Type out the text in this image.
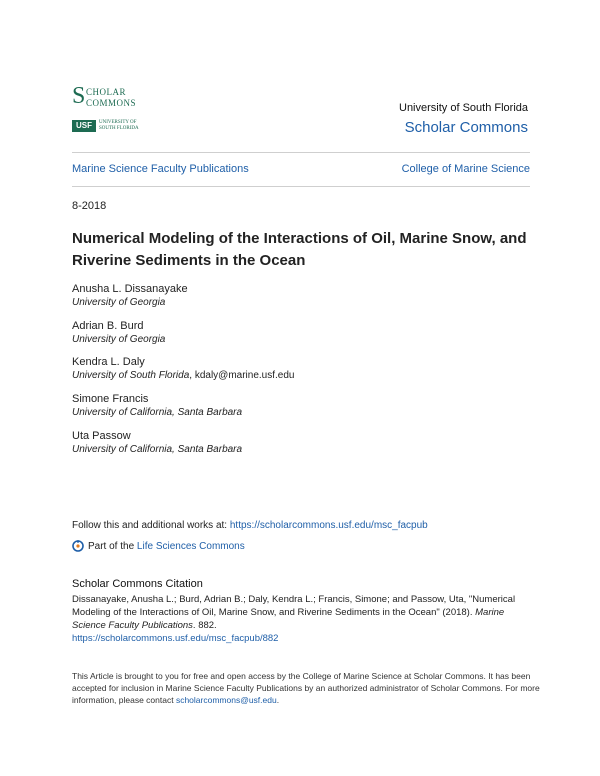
S CHOLAR
COMMONS
USF	UNIVERSITY OF
SOUTH FLORIDA
University of South Florida
Scholar Commons
Marine Science Faculty Publications	College of Marine Science
8-2018
Numerical Modeling of the Interactions of Oil, Marine Snow, and Riverine Sediments in the Ocean
Anusha L. Dissanayake
University of Georgia
Adrian B. Burd
University of Georgia
Kendra L. Daly
University of South Florida, kdaly@marine.usf.edu
Simone Francis
University of California, Santa Barbara
Uta Passow
University of California, Santa Barbara
Follow this and additional works at: https://scholarcommons.usf.edu/msc_facpub
Part of the
Life Sciences Commons
Scholar Commons Citation
Dissanayake, Anusha L.; Burd, Adrian B.; Daly, Kendra L.; Francis, Simone; and Passow, Uta, "Numerical Modeling of the Interactions of Oil, Marine Snow, and Riverine Sediments in the Ocean" (2018). Marine Science Faculty Publications. 882.
https://scholarcommons.usf.edu/msc_facpub/882
This Article is brought to you for free and open access by the College of Marine Science at Scholar Commons. It has been accepted for inclusion in Marine Science Faculty Publications by an authorized administrator of Scholar Commons. For more information, please contact scholarcommons@usf.edu.
